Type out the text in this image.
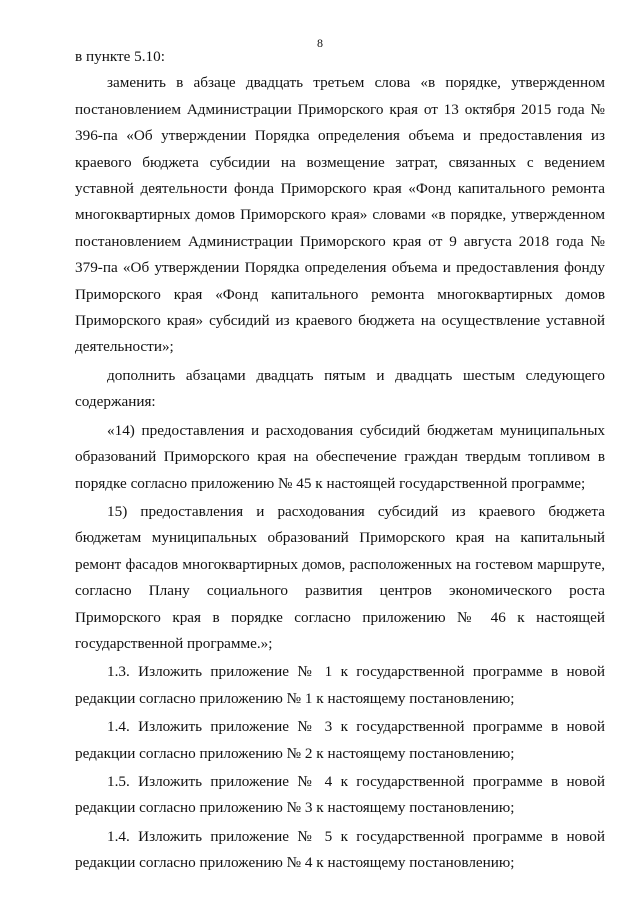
8

в пункте 5.10:

заменить в абзаце двадцать третьем слова «в порядке, утвержденном постановлением Администрации Приморского края от 13 октября 2015 года № 396-па «Об утверждении Порядка определения объема и предоставления из краевого бюджета субсидии на возмещение затрат, связанных с ведением уставной деятельности фонда Приморского края «Фонд капитального ремонта многоквартирных домов Приморского края» словами «в порядке, утвержденном постановлением Администрации Приморского края от 9 августа 2018 года № 379-па «Об утверждении Порядка определения объема и предоставления фонду Приморского края «Фонд капитального ремонта многоквартирных домов Приморского края» субсидий из краевого бюджета на осуществление уставной деятельности»;

дополнить абзацами двадцать пятым и двадцать шестым следующего содержания:

«14) предоставления и расходования субсидий бюджетам муниципальных образований Приморского края на обеспечение граждан твердым топливом в порядке согласно приложению № 45 к настоящей государственной программе;

15) предоставления и расходования субсидий из краевого бюджета бюджетам муниципальных образований Приморского края на капитальный ремонт фасадов многоквартирных домов, расположенных на гостевом маршруте, согласно Плану социального развития центров экономического роста Приморского края в порядке согласно приложению № 46 к настоящей государственной программе.»;

1.3. Изложить приложение № 1 к государственной программе в новой редакции согласно приложению № 1 к настоящему постановлению;

1.4. Изложить приложение № 3 к государственной программе в новой редакции согласно приложению № 2 к настоящему постановлению;

1.5. Изложить приложение № 4 к государственной программе в новой редакции согласно приложению № 3 к настоящему постановлению;

1.4. Изложить приложение № 5 к государственной программе в новой редакции согласно приложению № 4 к настоящему постановлению;
